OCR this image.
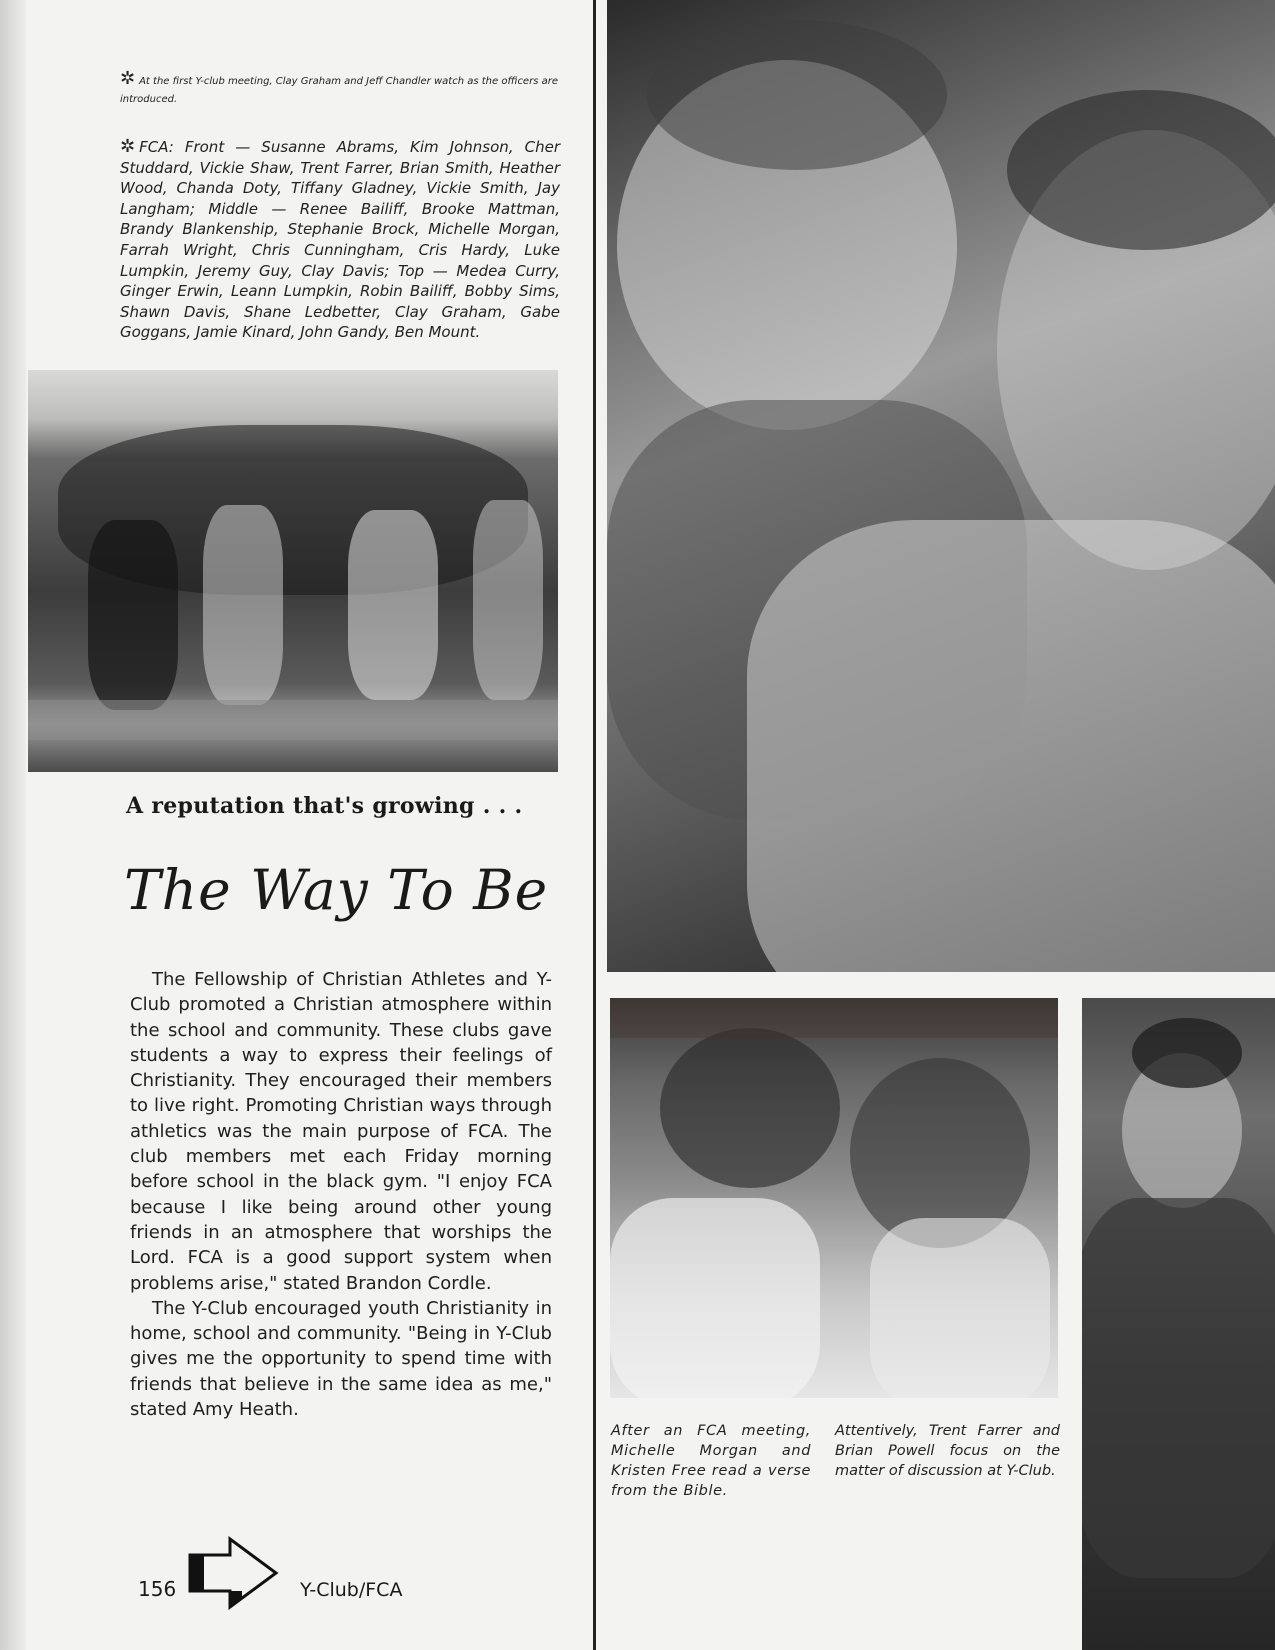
✲ At the first Y-club meeting, Clay Graham and Jeff Chandler watch as the officers are introduced.
✲ FCA: Front — Susanne Abrams, Kim Johnson, Cher Studdard, Vickie Shaw, Trent Farrer, Brian Smith, Heather Wood, Chanda Doty, Tiffany Gladney, Vickie Smith, Jay Langham; Middle — Renee Bailiff, Brooke Mattman, Brandy Blankenship, Stephanie Brock, Michelle Morgan, Farrah Wright, Chris Cunningham, Cris Hardy, Luke Lumpkin, Jeremy Guy, Clay Davis; Top — Medea Curry, Ginger Erwin, Leann Lumpkin, Robin Bailiff, Bobby Sims, Shawn Davis, Shane Ledbetter, Clay Graham, Gabe Goggans, Jamie Kinard, John Gandy, Ben Mount.
A reputation that's growing . . .
The Way To Be

The Fellowship of Christian Athletes and Y-Club promoted a Christian atmosphere within the school and community. These clubs gave students a way to express their feelings of Christianity. They encouraged their members to live right. Promoting Christian ways through athletics was the main purpose of FCA. The club members met each Friday morning before school in the black gym. "I enjoy FCA because I like being around other young friends in an atmosphere that worships the Lord. FCA is a good support system when problems arise," stated Brandon Cordle.

The Y-Club encouraged youth Christianity in home, school and community. "Being in Y-Club gives me the opportunity to spend time with friends that believe in the same idea as me," stated Amy Heath.

156	Y-Club/FCA
After an FCA meeting, Michelle Morgan and Kristen Free read a verse from the Bible.
Attentively, Trent Farrer and Brian Powell focus on the matter of discussion at Y-Club.
